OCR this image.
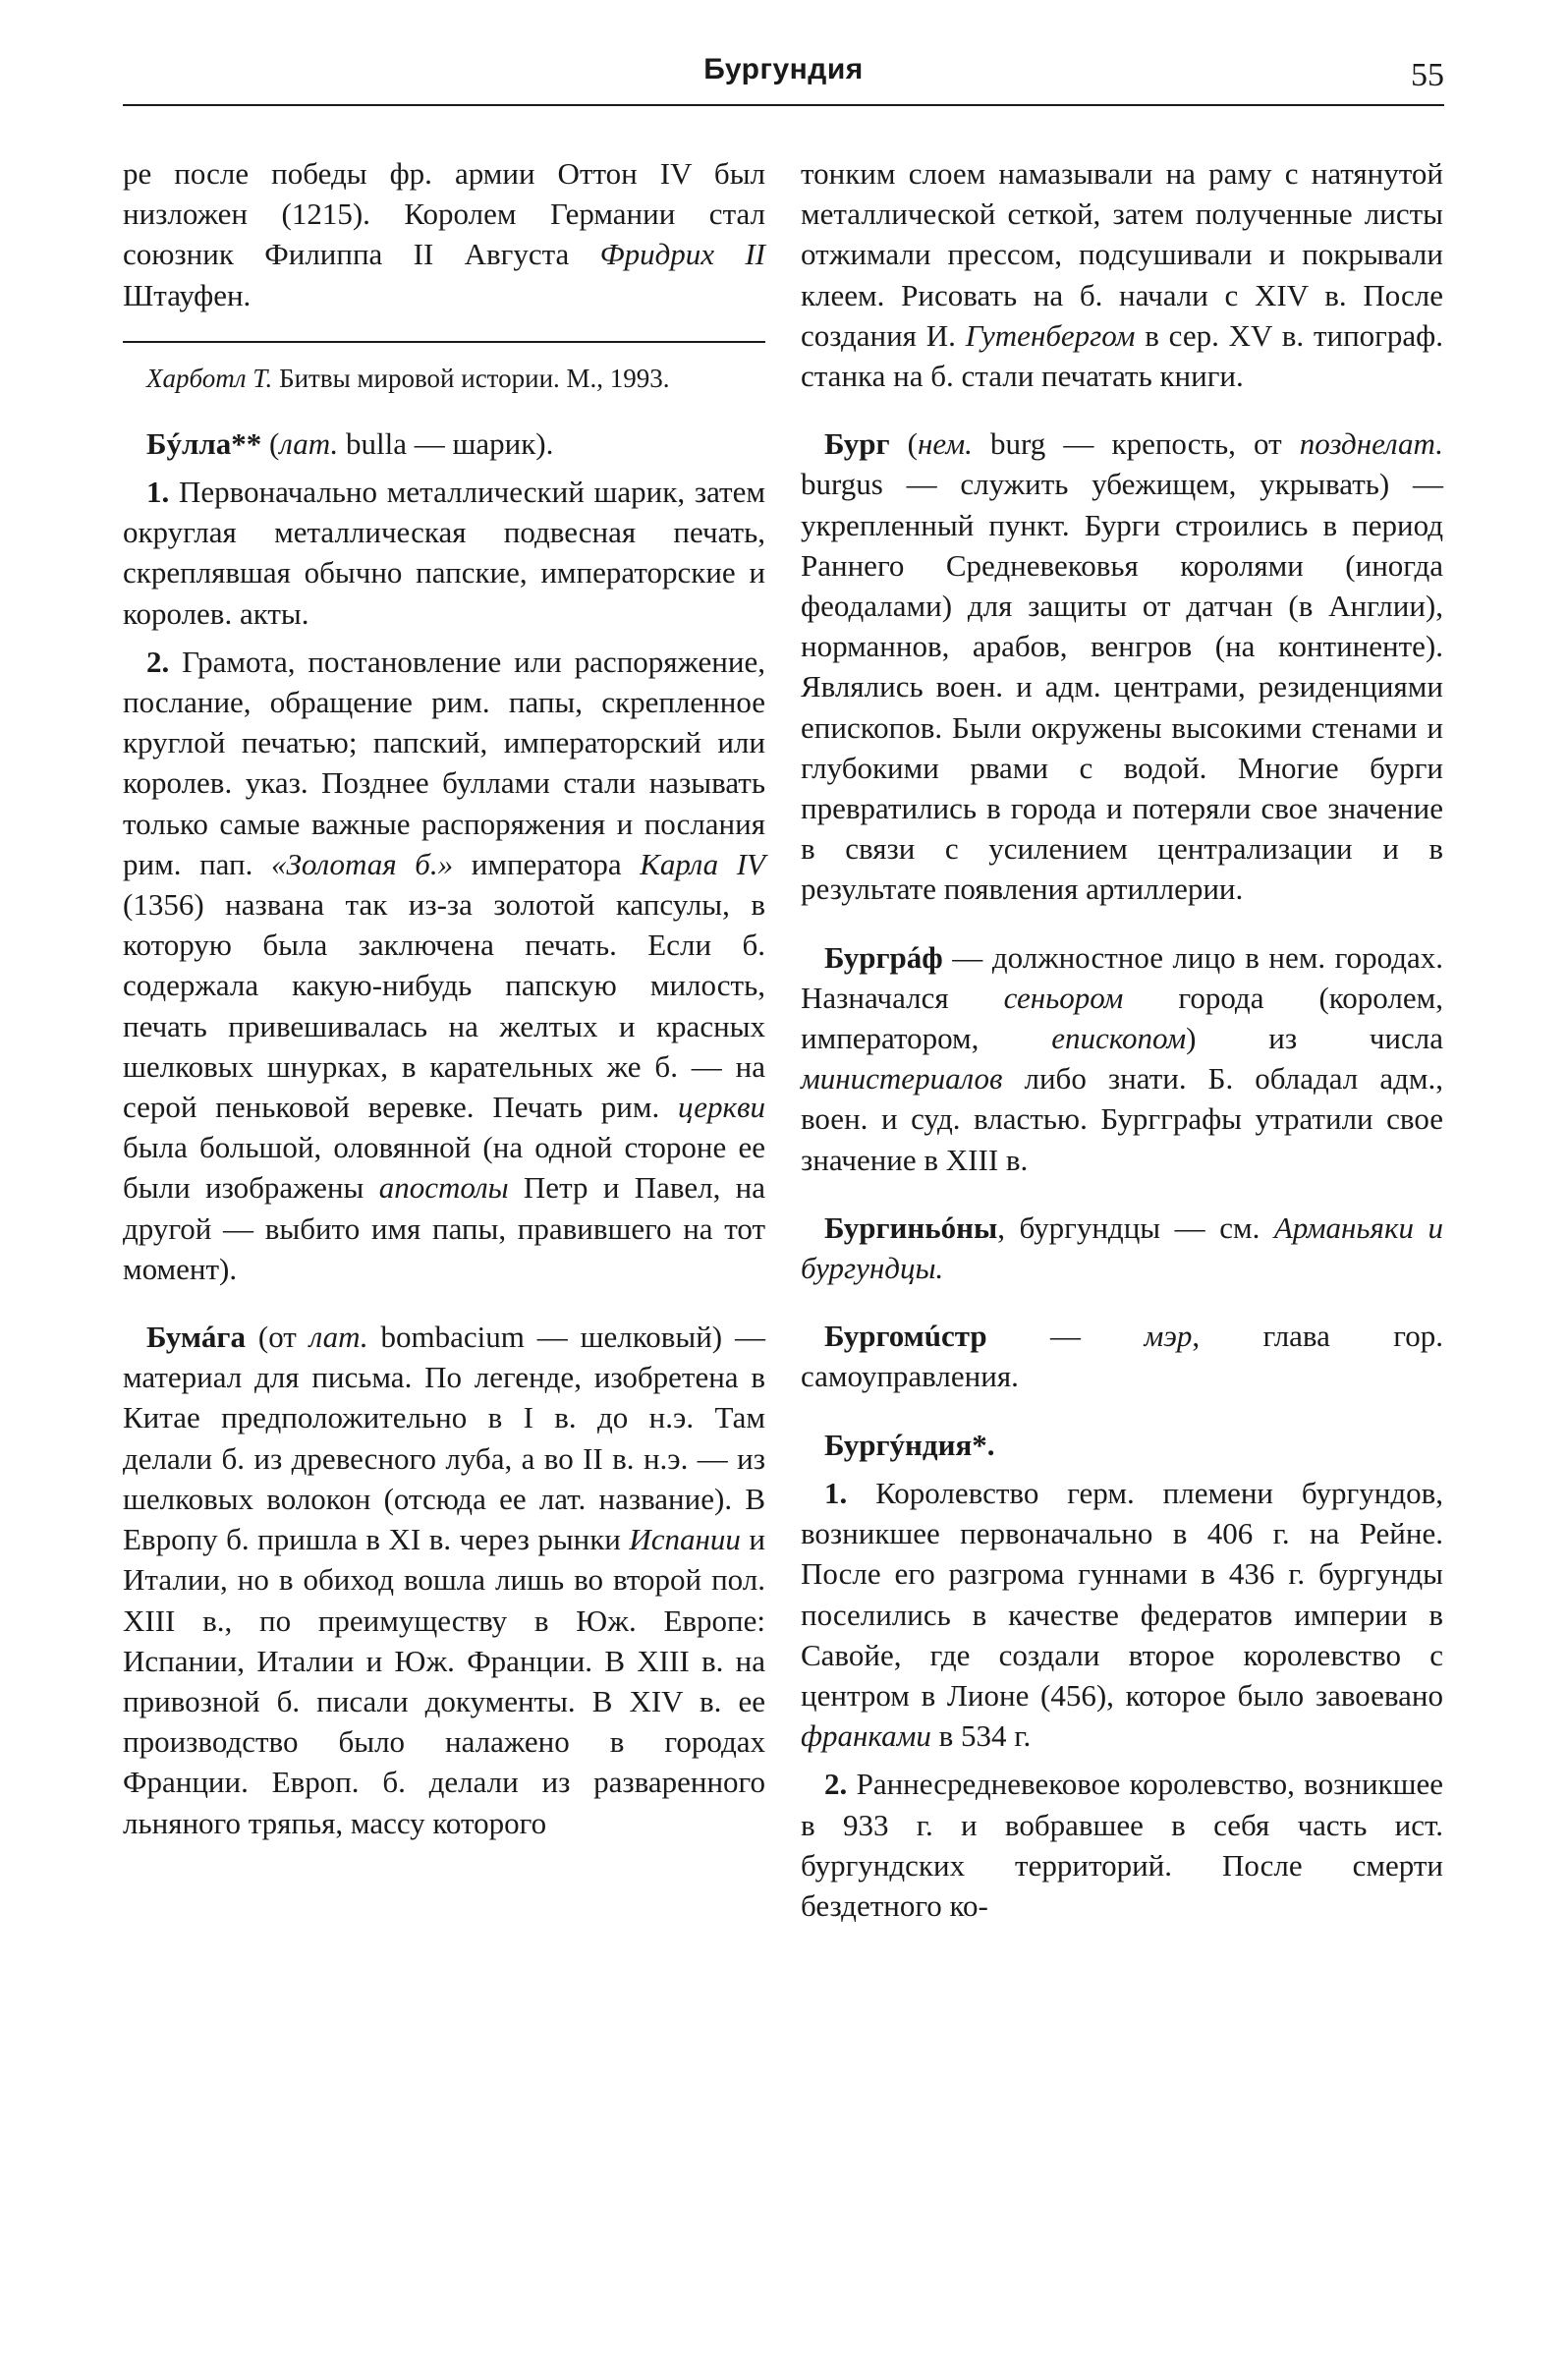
Бургундия	55

ре после победы фр. армии Оттон IV был низложен (1215). Королем Германии стал союзник Филиппа II Августа Фридрих II Штауфен.

Харботл Т. Битвы мировой истории. М., 1993.

Бýлла** (лат. bulla — шарик).

1. Первоначально металлический шарик, затем округлая металлическая подвесная печать, скреплявшая обычно папские, императорские и королев. акты.

2. Грамота, постановление или распоряжение, послание, обращение рим. папы, скрепленное круглой печатью; папский, императорский или королев. указ. Позднее буллами стали называть только самые важные распоряжения и послания рим. пап. «Золотая б.» императора Карла IV (1356) названа так из-за золотой капсулы, в которую была заключена печать. Если б. содержала какую-нибудь папскую милость, печать привешивалась на желтых и красных шелковых шнурках, в карательных же б. — на серой пеньковой веревке. Печать рим. церкви была большой, оловянной (на одной стороне ее были изображены апостолы Петр и Павел, на другой — выбито имя папы, правившего на тот момент).

Бумáга (от лат. bombacium — шелковый) — материал для письма. По легенде, изобретена в Китае предположительно в I в. до н.э. Там делали б. из древесного луба, а во II в. н.э. — из шелковых волокон (отсюда ее лат. название). В Европу б. пришла в XI в. через рынки Испании и Италии, но в обиход вошла лишь во второй пол. XIII в., по преимуществу в Юж. Европе: Испании, Италии и Юж. Франции. В XIII в. на привозной б. писали документы. В XIV в. ее производство было налажено в городах Франции. Европ. б. делали из разваренного льняного тряпья, массу которого

тонким слоем намазывали на раму с натянутой металлической сеткой, затем полученные листы отжимали прессом, подсушивали и покрывали клеем. Рисовать на б. начали с XIV в. После создания И. Гутенбергом в сер. XV в. типограф. станка на б. стали печатать книги.

Бург (нем. burg — крепость, от позднелат. burgus — служить убежищем, укрывать) — укрепленный пункт. Бурги строились в период Раннего Средневековья королями (иногда феодалами) для защиты от датчан (в Англии), норманнов, арабов, венгров (на континенте). Являлись воен. и адм. центрами, резиденциями епископов. Были окружены высокими стенами и глубокими рвами с водой. Многие бурги превратились в города и потеряли свое значение в связи с усилением централизации и в результате появления артиллерии.

Бургрáф — должностное лицо в нем. городах. Назначался сеньором города (королем, императором, епископом) из числа министериалов либо знати. Б. обладал адм., воен. и суд. властью. Бургграфы утратили свое значение в XIII в.

Бургиньóны, бургундцы — см. Арманьяки и бургундцы.

Бургомúстр — мэр, глава гор. самоуправления.

Бургýндия*.

1. Королевство герм. племени бургундов, возникшее первоначально в 406 г. на Рейне. После его разгрома гуннами в 436 г. бургунды поселились в качестве федератов империи в Савойе, где создали второе королевство с центром в Лионе (456), которое было завоевано франками в 534 г.

2. Раннесредневековое королевство, возникшее в 933 г. и вобравшее в себя часть ист. бургундских территорий. После смерти бездетного ко-
